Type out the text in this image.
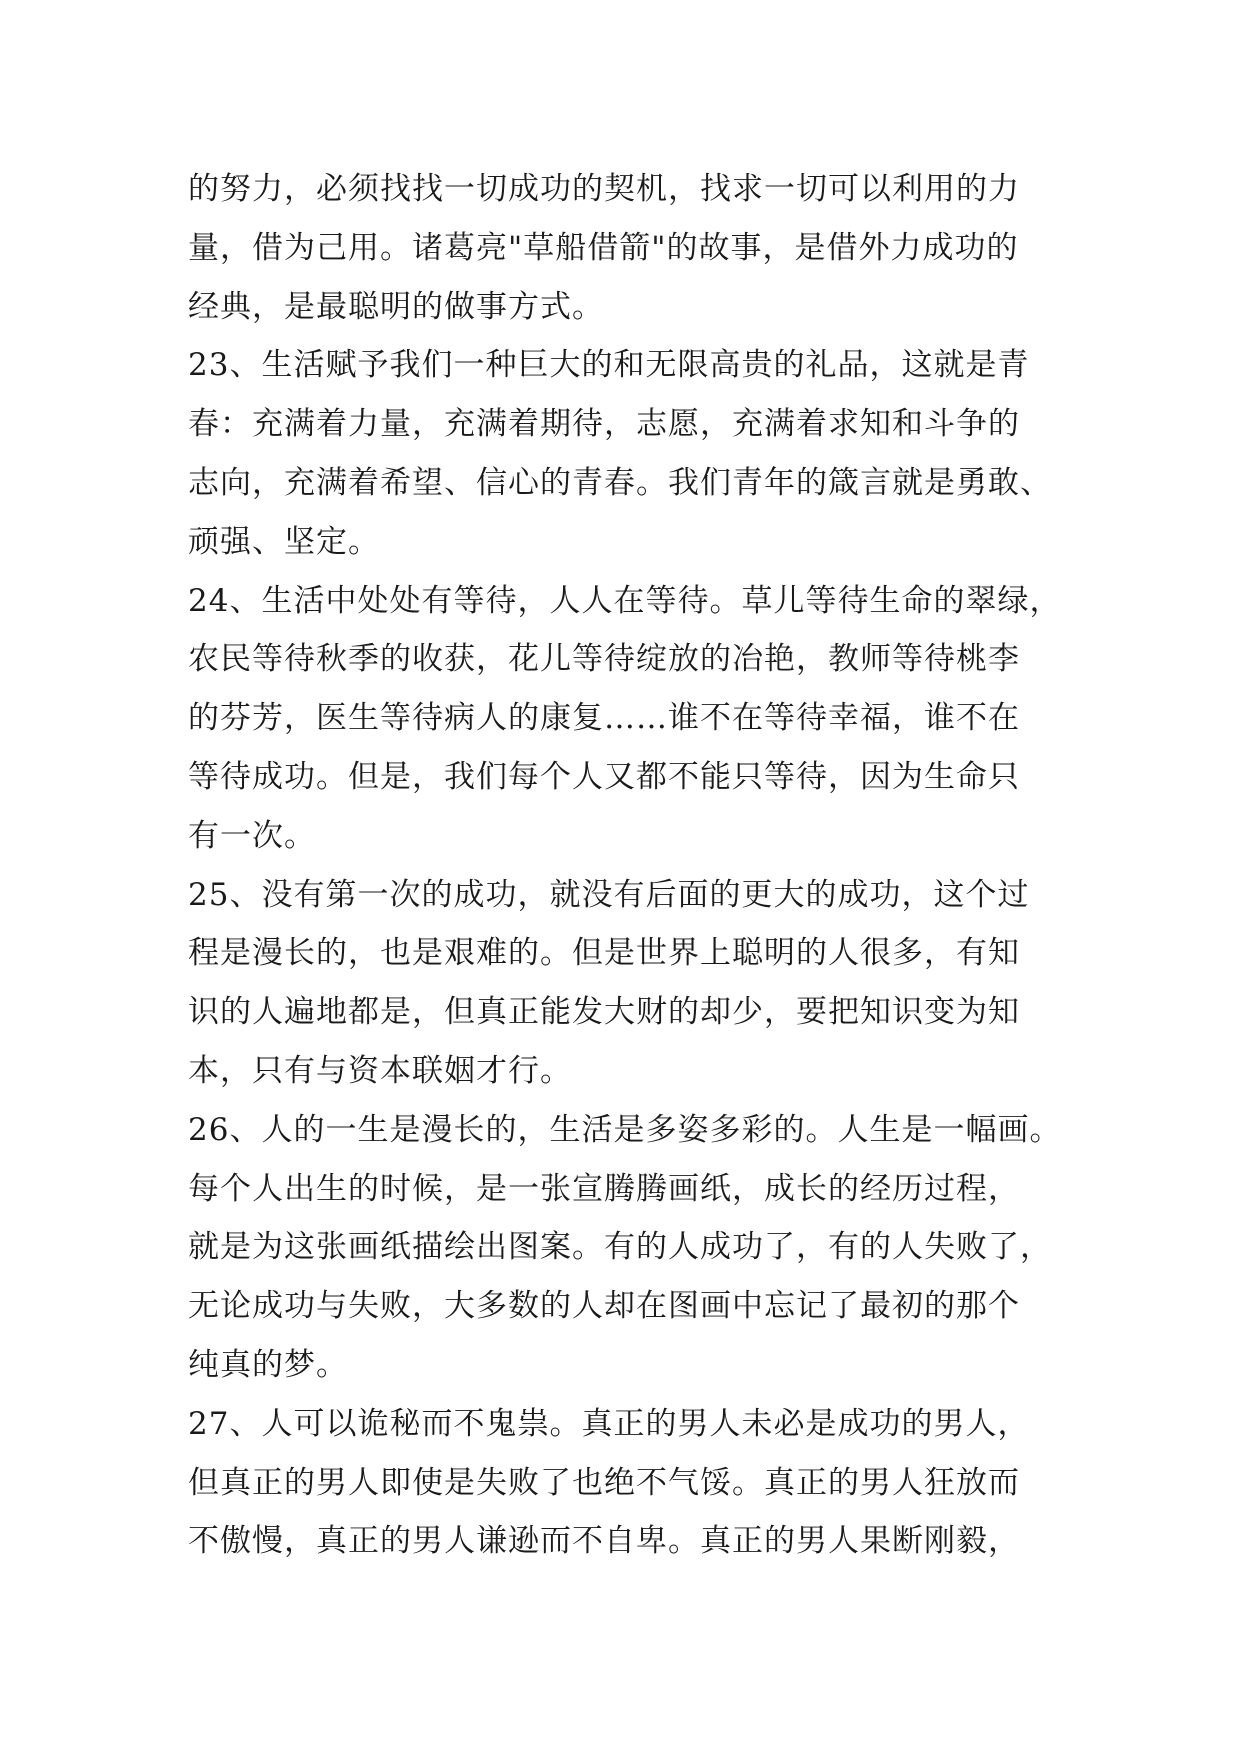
的努力，必须找找一切成功的契机，找求一切可以利用的力
量，借为己用。诸葛亮"草船借箭"的故事，是借外力成功的
经典，是最聪明的做事方式。
23、生活赋予我们一种巨大的和无限高贵的礼品，这就是青
春：充满着力量，充满着期待，志愿，充满着求知和斗争的
志向，充满着希望、信心的青春。我们青年的箴言就是勇敢、
顽强、坚定。
24、生活中处处有等待，人人在等待。草儿等待生命的翠绿，
农民等待秋季的收获，花儿等待绽放的冶艳，教师等待桃李
的芬芳，医生等待病人的康复……谁不在等待幸福，谁不在
等待成功。但是，我们每个人又都不能只等待，因为生命只
有一次。
25、没有第一次的成功，就没有后面的更大的成功，这个过
程是漫长的，也是艰难的。但是世界上聪明的人很多，有知
识的人遍地都是，但真正能发大财的却少，要把知识变为知
本，只有与资本联姻才行。
26、人的一生是漫长的，生活是多姿多彩的。人生是一幅画。
每个人出生的时候，是一张宣腾腾画纸，成长的经历过程，
就是为这张画纸描绘出图案。有的人成功了，有的人失败了，
无论成功与失败，大多数的人却在图画中忘记了最初的那个
纯真的梦。
27、人可以诡秘而不鬼祟。真正的男人未必是成功的男人，
但真正的男人即使是失败了也绝不气馁。真正的男人狂放而
不傲慢，真正的男人谦逊而不自卑。真正的男人果断刚毅，
